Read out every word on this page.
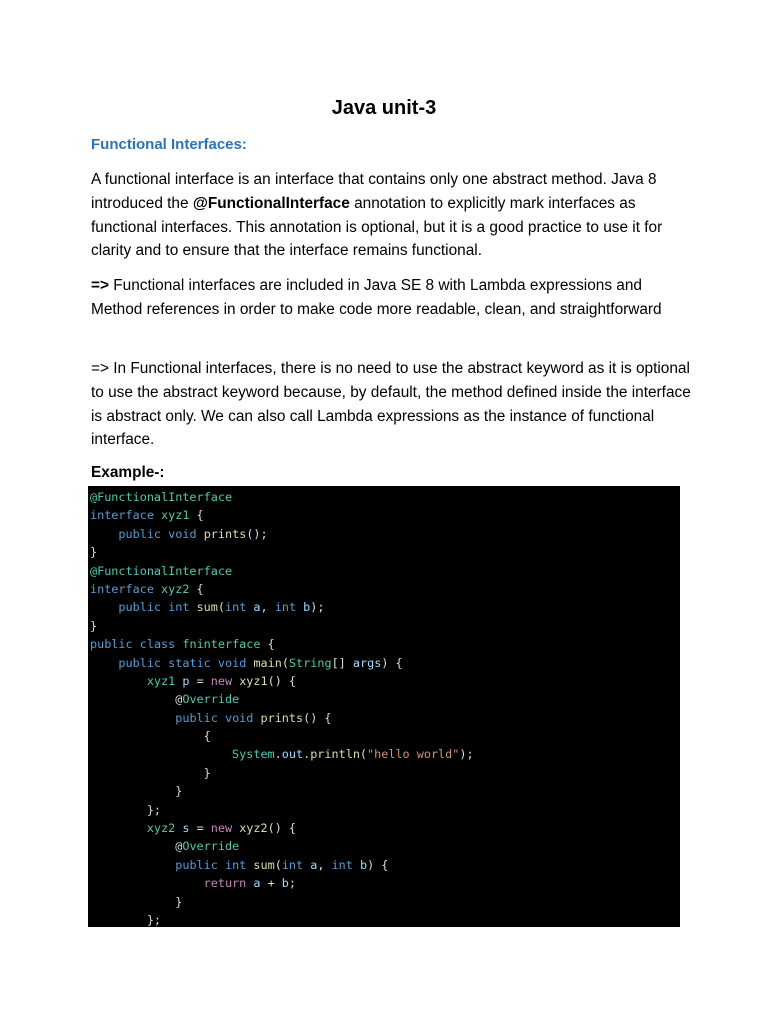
Java unit-3
Functional Interfaces:

A functional interface is an interface that contains only one abstract method. Java 8 introduced the @FunctionalInterface annotation to explicitly mark interfaces as functional interfaces. This annotation is optional, but it is a good practice to use it for clarity and to ensure that the interface remains functional.

=> Functional interfaces are included in Java SE 8 with Lambda expressions and Method references in order to make code more readable, clean, and straightforward

=> In Functional interfaces, there is no need to use the abstract keyword as it is optional to use the abstract keyword because, by default, the method defined inside the interface is abstract only. We can also call Lambda expressions as the instance of functional interface.

Example-:
@FunctionalInterface
interface xyz1 {
public void prints();
}
@FunctionalInterface
interface xyz2 {
public int sum(int a, int b);
}
public class fninterface {
public static void main(String[] args) {
xyz1 p = new xyz1() {
@Override
public void prints() {
{
System.out.println("hello world");
}
}
};
xyz2 s = new xyz2() {
@Override
public int sum(int a, int b) {
return a + b;
}
};
